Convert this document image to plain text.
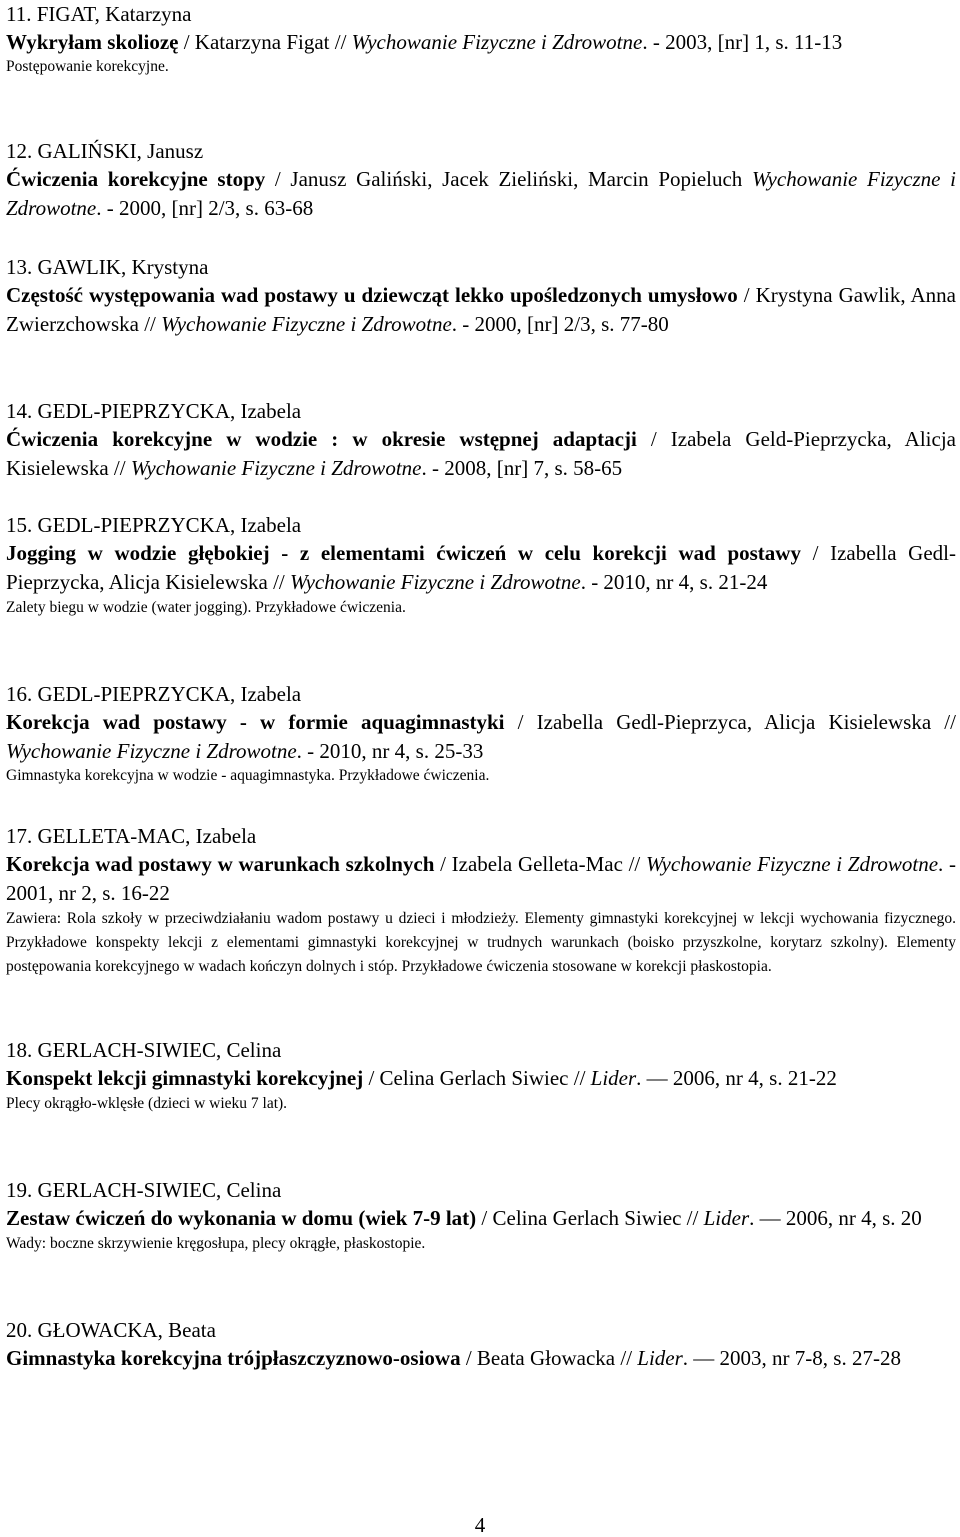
11. FIGAT, Katarzyna
Wykryłam skoliozę / Katarzyna Figat // Wychowanie Fizyczne i Zdrowotne. - 2003, [nr] 1, s. 11-13
Postępowanie korekcyjne.
12. GALIŃSKI, Janusz
Ćwiczenia korekcyjne stopy / Janusz Galiński, Jacek Zieliński, Marcin Popieluch Wychowanie Fizyczne i Zdrowotne. - 2000, [nr] 2/3, s. 63-68
13. GAWLIK, Krystyna
Częstość występowania wad postawy u dziewcząt lekko upośledzonych umysłowo / Krystyna Gawlik, Anna Zwierzchowska // Wychowanie Fizyczne i Zdrowotne. - 2000, [nr] 2/3, s. 77-80
14. GEDL-PIEPRZYCKA, Izabela
Ćwiczenia korekcyjne w wodzie : w okresie wstępnej adaptacji / Izabela Geld-Pieprzycka, Alicja Kisielewska // Wychowanie Fizyczne i Zdrowotne. - 2008, [nr] 7, s. 58-65
15. GEDL-PIEPRZYCKA, Izabela
Jogging w wodzie głębokiej - z elementami ćwiczeń w celu korekcji wad postawy / Izabella Gedl-Pieprzycka, Alicja Kisielewska // Wychowanie Fizyczne i Zdrowotne. - 2010, nr 4, s. 21-24
Zalety biegu w wodzie (water jogging). Przykładowe ćwiczenia.
16. GEDL-PIEPRZYCKA, Izabela
Korekcja wad postawy - w formie aquagimnastyki / Izabella Gedl-Pieprzyca, Alicja Kisielewska // Wychowanie Fizyczne i Zdrowotne. - 2010, nr 4, s. 25-33
Gimnastyka korekcyjna w wodzie - aquagimnastyka. Przykładowe ćwiczenia.
17. GELLETA-MAC, Izabela
Korekcja wad postawy w warunkach szkolnych / Izabela Gelleta-Mac // Wychowanie Fizyczne i Zdrowotne. - 2001, nr 2, s. 16-22
Zawiera: Rola szkoły w przeciwdziałaniu wadom postawy u dzieci i młodzieży. Elementy gimnastyki korekcyjnej w lekcji wychowania fizycznego. Przykładowe konspekty lekcji z elementami gimnastyki korekcyjnej w trudnych warunkach (boisko przyszkolne, korytarz szkolny). Elementy postępowania korekcyjnego w wadach kończyn dolnych i stóp. Przykładowe ćwiczenia stosowane w korekcji płaskostopia.
18. GERLACH-SIWIEC, Celina
Konspekt lekcji gimnastyki korekcyjnej / Celina Gerlach Siwiec // Lider. — 2006, nr 4, s. 21-22
Plecy okrągło-wklęsłe (dzieci w wieku 7 lat).
19. GERLACH-SIWIEC, Celina
Zestaw ćwiczeń do wykonania w domu (wiek 7-9 lat) / Celina Gerlach Siwiec // Lider. — 2006, nr 4, s. 20
Wady: boczne skrzywienie kręgosłupa, plecy okrągłe, płaskostopie.
20. GŁOWACKA, Beata
Gimnastyka korekcyjna trójpłaszczyznowo-osiowa / Beata Głowacka // Lider. — 2003, nr 7-8, s. 27-28
4
